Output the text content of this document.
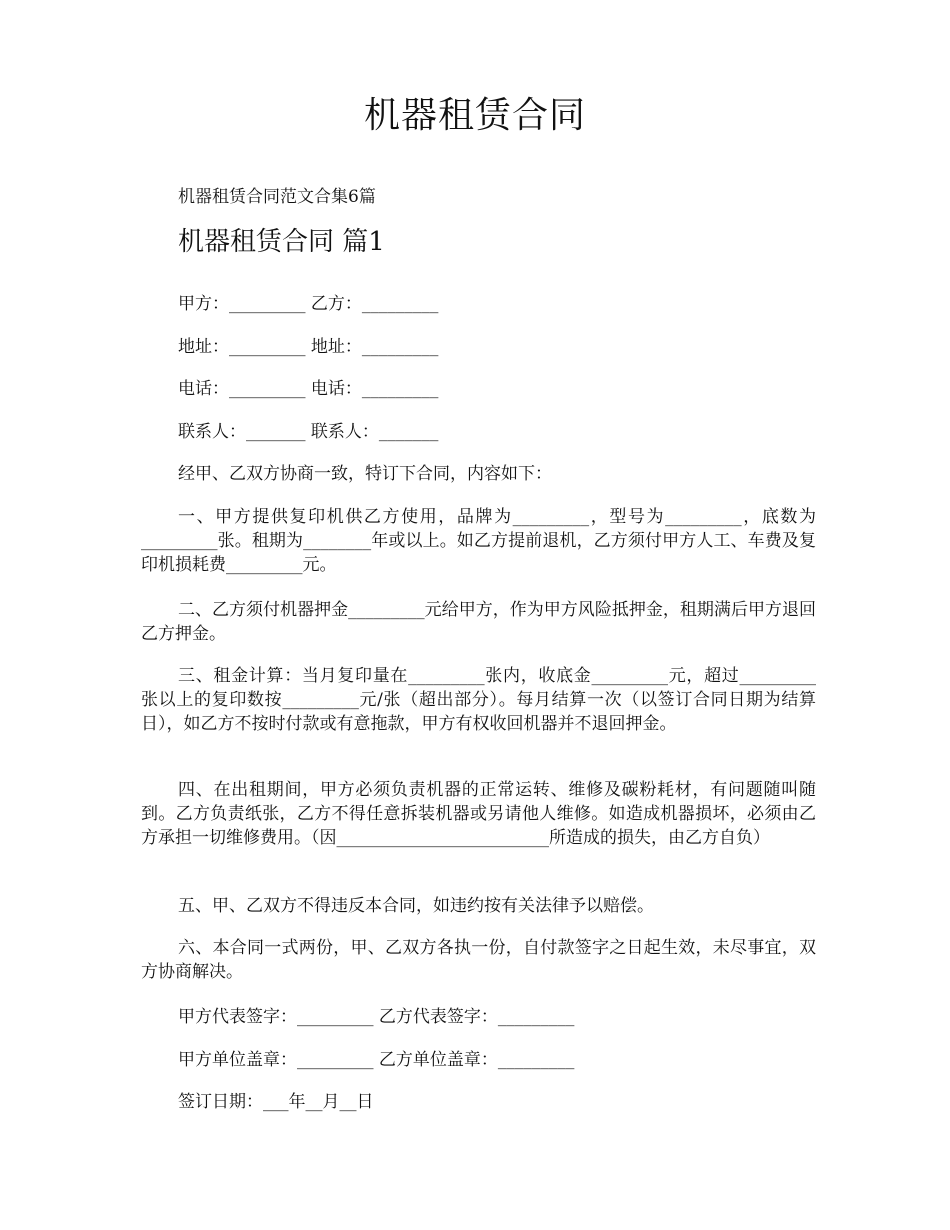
机器租赁合同
机器租赁合同范文合集6篇
机器租赁合同 篇1
甲方：_________ 乙方：_________
地址：_________ 地址：_________
电话：_________ 电话：_________
联系人：_______ 联系人：_______
经甲、乙双方协商一致，特订下合同，内容如下：
一、甲方提供复印机供乙方使用，品牌为_________，型号为_________，底数为_________张。租期为________年或以上。如乙方提前退机，乙方须付甲方人工、车费及复印机损耗费_________元。
二、乙方须付机器押金_________元给甲方，作为甲方风险抵押金，租期满后甲方退回乙方押金。
三、租金计算：当月复印量在_________张内，收底金_________元，超过_________ 张以上的复印数按_________元/张（超出部分）。每月结算一次（以签订合同日期为结算日），如乙方不按时付款或有意拖款，甲方有权收回机器并不退回押金。
四、在出租期间，甲方必须负责机器的正常运转、维修及碳粉耗材，有问题随叫随到。乙方负责纸张，乙方不得任意拆装机器或另请他人维修。如造成机器损坏，必须由乙方承担一切维修费用。（因_________________________所造成的损失，由乙方自负）
五、甲、乙双方不得违反本合同，如违约按有关法律予以赔偿。
六、本合同一式两份，甲、乙双方各执一份，自付款签字之日起生效，未尽事宜，双方协商解决。
甲方代表签字：_________ 乙方代表签字：_________
甲方单位盖章：_________ 乙方单位盖章：_________
签订日期：___年__月__日
